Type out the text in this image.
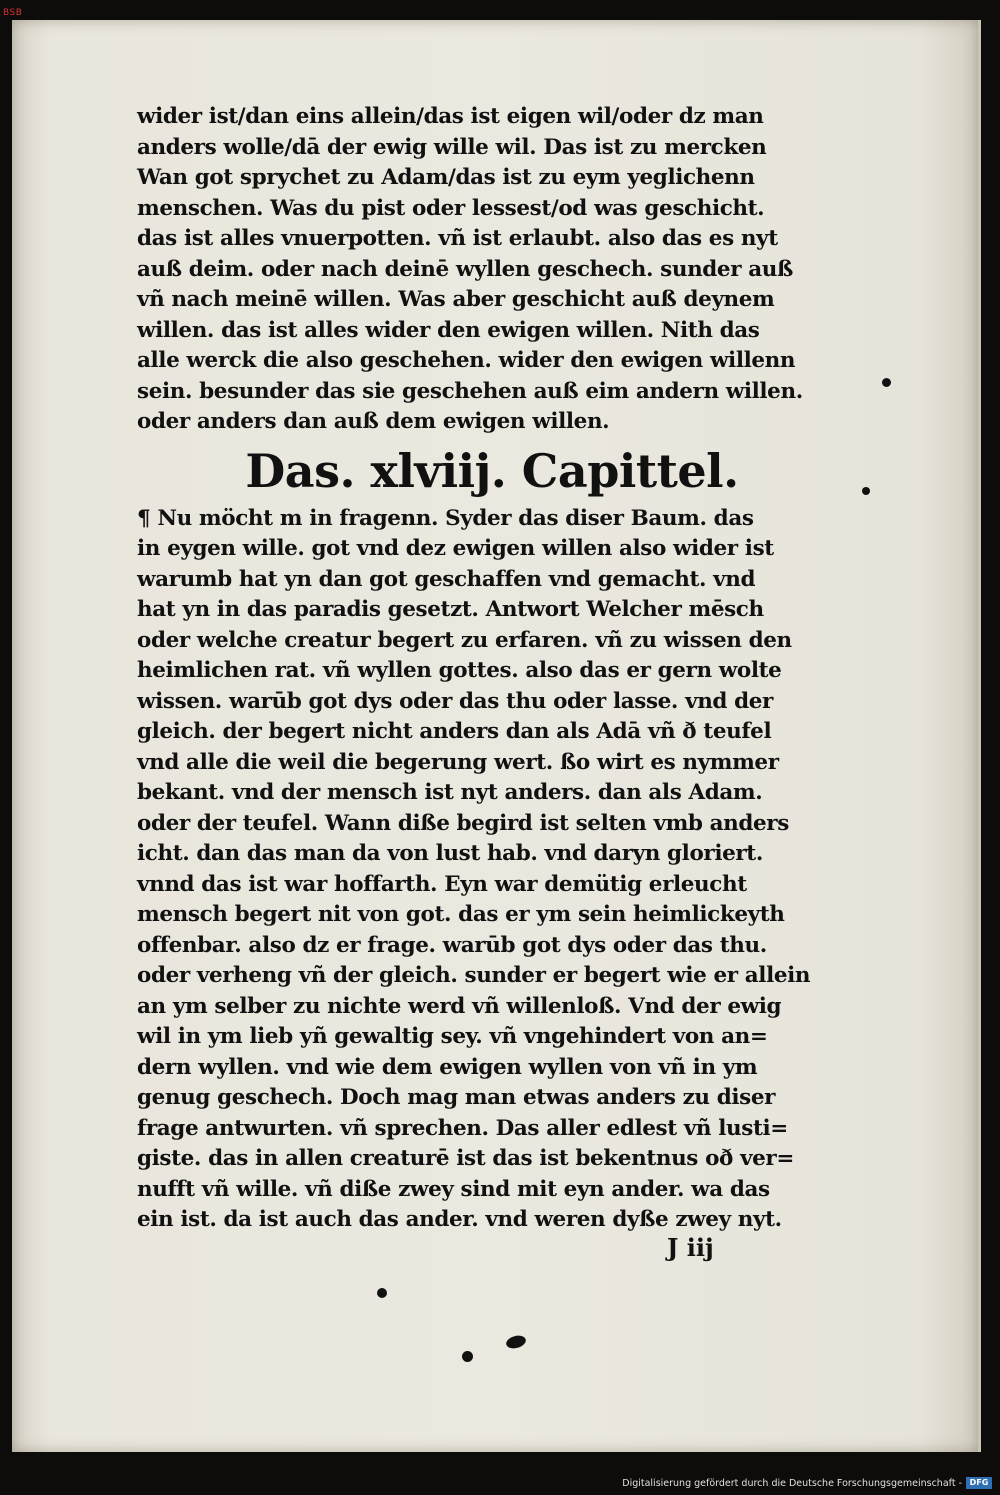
BSB
wider ist/dan eins allein/das ist eigen wil/oder dz man
anders wolle/dā der ewig wille wil. Das ist zu mercken
Wan got sprychet zu Adam/das ist zu eym yeglichenn
menschen. Was du pist oder lessest/od was geschicht.
das ist alles vnuerpotten. vñ ist erlaubt. also das es nyt
auß deim. oder nach deinē wyllen geschech. sunder auß
vñ nach meinē willen. Was aber geschicht auß deynem
willen. das ist alles wider den ewigen willen. Nith das
alle werck die also geschehen. wider den ewigen willenn
sein. besunder das sie geschehen auß eim andern willen.
oder anders dan auß dem ewigen willen.
Das. xlviij. Capittel.
¶ Nu möcht m in fragenn. Syder das diser Baum. das
in eygen wille. got vnd dez ewigen willen also wider ist
warumb hat yn dan got geschaffen vnd gemacht. vnd
hat yn in das paradis gesetzt. Antwort Welcher mēsch
oder welche creatur begert zu erfaren. vñ zu wissen den
heimlichen rat. vñ wyllen gottes. also das er gern wolte
wissen. warūb got dys oder das thu oder lasse. vnd der
gleich. der begert nicht anders dan als Adā vñ ð teufel
vnd alle die weil die begerung wert. ßo wirt es nymmer
bekant. vnd der mensch ist nyt anders. dan als Adam.
oder der teufel. Wann diße begird ist selten vmb anders
icht. dan das man da von lust hab. vnd daryn gloriert.
vnnd das ist war hoffarth. Eyn war demütig erleucht
mensch begert nit von got. das er ym sein heimlickeyth
offenbar. also dz er frage. warūb got dys oder das thu.
oder verheng vñ der gleich. sunder er begert wie er allein
an ym selber zu nichte werd vñ willenloß. Vnd der ewig
wil in ym lieb yñ gewaltig sey. vñ vngehindert von an=
dern wyllen. vnd wie dem ewigen wyllen von vñ in ym
genug geschech. Doch mag man etwas anders zu diser
frage antwurten. vñ sprechen. Das aller edlest vñ lusti=
giste. das in allen creaturē ist das ist bekentnus oð ver=
nufft vñ wille. vñ diße zwey sind mit eyn ander. wa das
ein ist. da ist auch das ander. vnd weren dyße zwey nyt.
J iij
Digitalisierung gefördert durch die Deutsche Forschungsgemeinschaft - DFG
